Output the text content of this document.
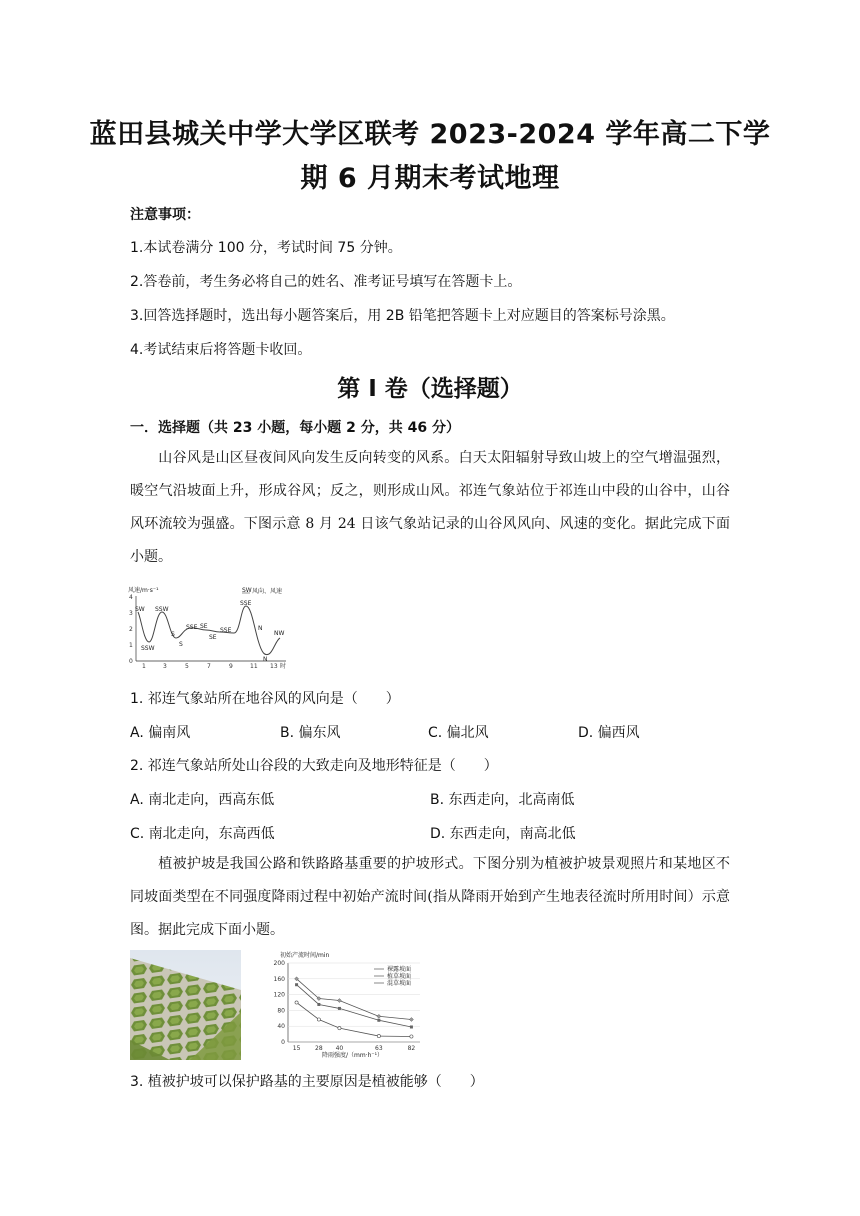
蓝田县城关中学大学区联考 2023-2024 学年高二下学
期 6 月期末考试地理
注意事项：
1.本试卷满分 100 分，考试时间 75 分钟。
2.答卷前，考生务必将自己的姓名、准考证号填写在答题卡上。
3.回答选择题时，选出每小题答案后，用 2B 铅笔把答题卡上对应题目的答案标号涂黑。
4.考试结束后将答题卡收回。
第 I 卷（选择题）
一．选择题（共 23 小题，每小题 2 分，共 46 分）
山谷风是山区昼夜间风向发生反向转变的风系。白天太阳辐射导致山坡上的空气增温强烈，暖空气沿坡面上升，形成谷风；反之，则形成山风。祁连气象站位于祁连山中段的山谷中，山谷风环流较为强盛。下图示意 8 月 24 日该气象站记录的山谷风风向、风速的变化。据此完成下面小题。
风速/m·s⁻¹	SW 风向、风速
0
1
2
3
4
1	3	5	7	9	11 13 时
SW
SSW
SSW
S
S
SSE SE
SSE
SE
SSE
N
N
NW
1. 祁连气象站所在地谷风的风向是（　　）
A. 偏南风	B. 偏东风	C. 偏北风	D. 偏西风
2. 祁连气象站所处山谷段的大致走向及地形特征是（　　）
A. 南北走向，西高东低	B. 东西走向，北高南低
C. 南北走向，东高西低	D. 东西走向，南高北低
植被护坡是我国公路和铁路路基重要的护坡形式。下图分别为植被护坡景观照片和某地区不同坡面类型在不同强度降雨过程中初始产流时间(指从降雨开始到产生地表径流时所用时间）示意图。据此完成下面小题。
初始产流时间/min
降雨强度/（mm·h⁻¹）
0
40
80
120
160
200
15 28 40	63	82
裸露坡面
植草坡面
混草坡面
3. 植被护坡可以保护路基的主要原因是植被能够（　　）
